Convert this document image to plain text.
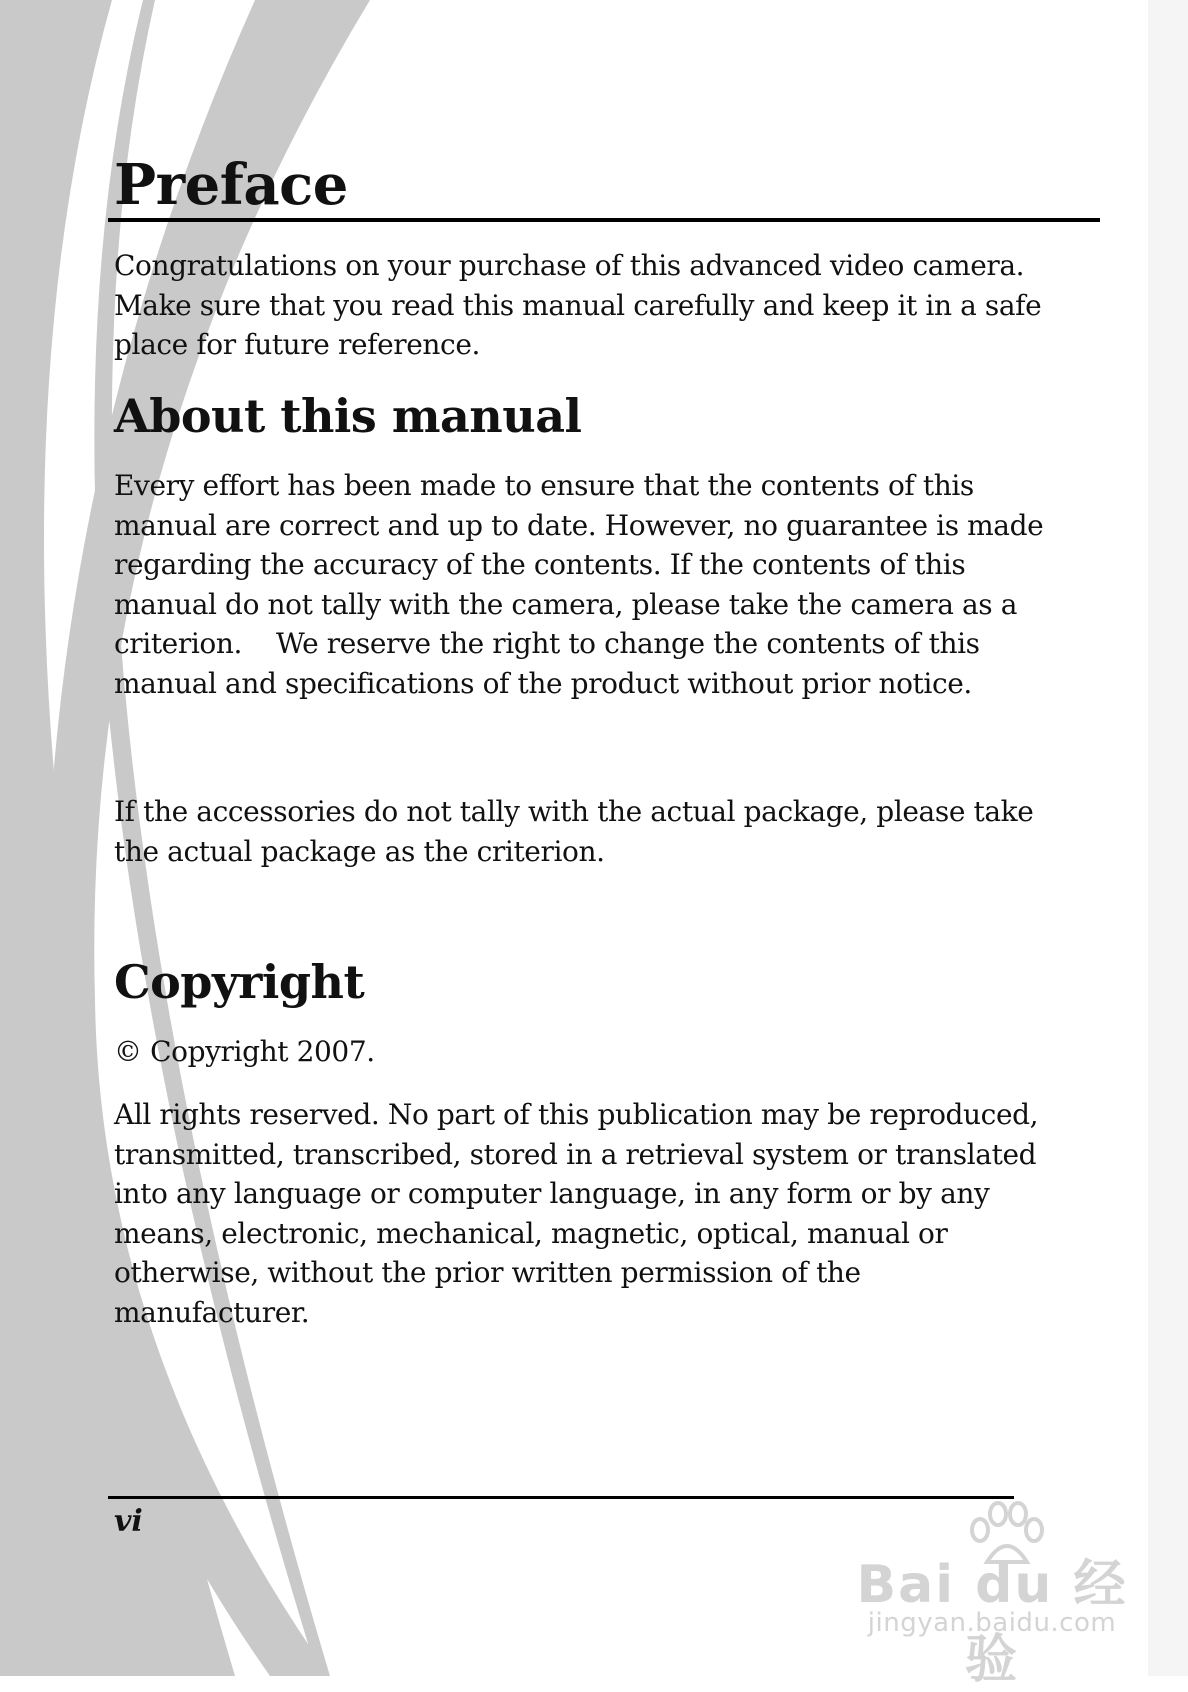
Preface

Congratulations on your purchase of this advanced video camera.
Make sure that you read this manual carefully and keep it in a safe
place for future reference.

About this manual

Every effort has been made to ensure that the contents of this
manual are correct and up to date. However, no guarantee is made
regarding the accuracy of the contents. If the contents of this
manual do not tally with the camera, please take the camera as a
criterion.    We reserve the right to change the contents of this
manual and specifications of the product without prior notice.

If the accessories do not tally with the actual package, please take
the actual package as the criterion.

Copyright

© Copyright 2007.

All rights reserved. No part of this publication may be reproduced,
transmitted, transcribed, stored in a retrieval system or translated
into any language or computer language, in any form or by any
means, electronic, mechanical, magnetic, optical, manual or
otherwise, without the prior written permission of the
manufacturer.

vi
Bai du 经验
jingyan.baidu.com
